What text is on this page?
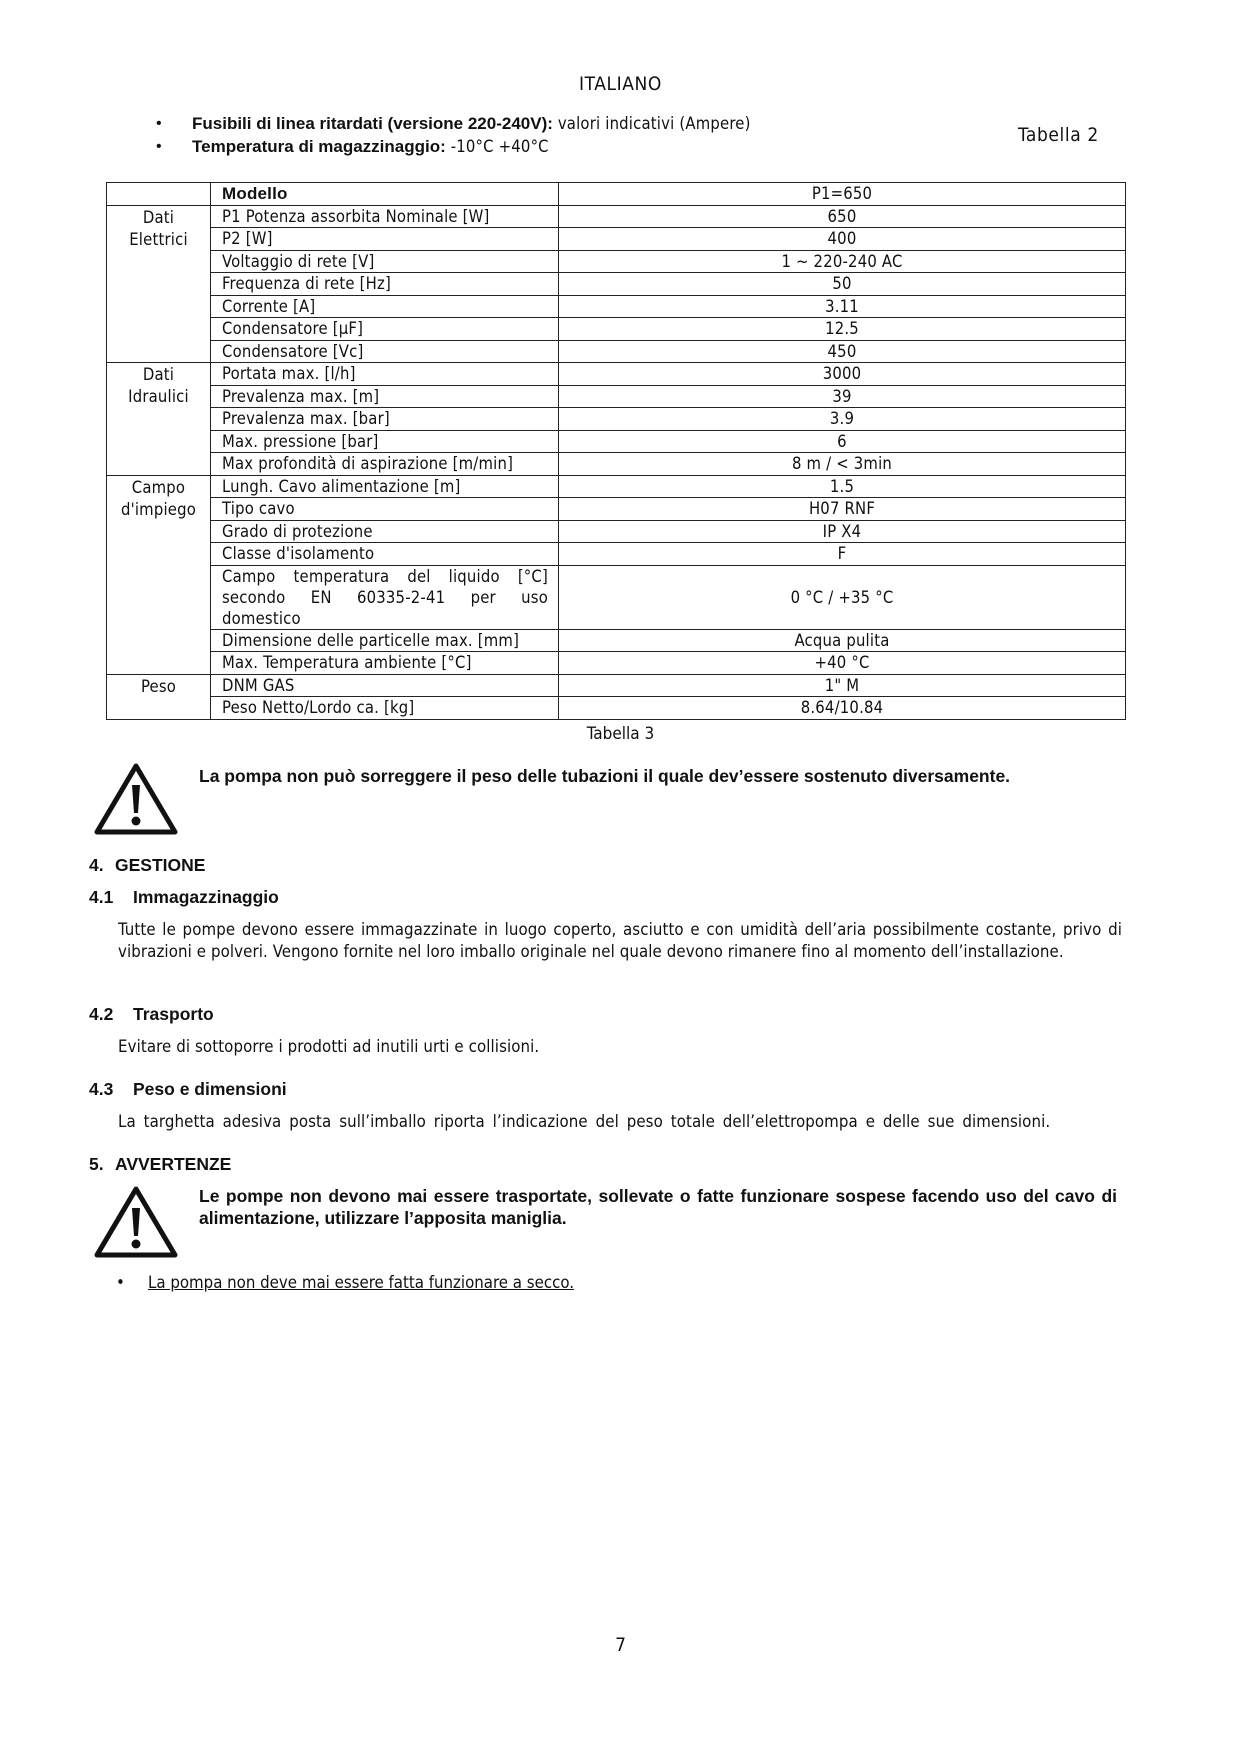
ITALIANO
• Fusibili di linea ritardati (versione 220-240V): valori indicativi (Ampere)
• Temperatura di magazzinaggio: -10°C +40°C
Tabella 2
	Modello	P1=650
Dati
Elettrici	P1 Potenza assorbita Nominale [W]	650
	P2 [W]	400
	Voltaggio di rete [V]	1 ~ 220-240 AC
	Frequenza di rete [Hz]	50
	Corrente [A]	3.11
	Condensatore [µF]	12.5
	Condensatore [Vc]	450
Dati
Idraulici	Portata max. [l/h]	3000
	Prevalenza max. [m]	39
	Prevalenza max. [bar]	3.9
	Max. pressione [bar]	6
	Max profondità di aspirazione [m/min]	8 m / < 3min
Campo
d'impiego	Lungh. Cavo alimentazione [m]	1.5
	Tipo cavo	H07 RNF
	Grado di protezione	IP X4
	Classe d'isolamento	F
	Campo temperatura del liquido [°C] secondo EN 60335-2-41 per uso domestico	0 °C / +35 °C
	Dimensione delle particelle max. [mm]	Acqua pulita
	Max. Temperatura ambiente [°C]	+40 °C
Peso	DNM GAS	1" M
	Peso Netto/Lordo ca. [kg]	8.64/10.84
Tabella 3
La pompa non può sorreggere il peso delle tubazioni il quale dev’essere sostenuto diversamente.
4. GESTIONE
4.1 Immagazzinaggio
Tutte le pompe devono essere immagazzinate in luogo coperto, asciutto e con umidità dell’aria possibilmente costante, privo di vibrazioni e polveri. Vengono fornite nel loro imballo originale nel quale devono rimanere fino al momento dell’installazione.
4.2 Trasporto
Evitare di sottoporre i prodotti ad inutili urti e collisioni.
4.3 Peso e dimensioni
La targhetta adesiva posta sull’imballo riporta l’indicazione del peso totale dell’elettropompa e delle sue dimensioni.
5. AVVERTENZE
Le pompe non devono mai essere trasportate, sollevate o fatte funzionare sospese facendo uso del cavo di alimentazione, utilizzare l’apposita maniglia.
• La pompa non deve mai essere fatta funzionare a secco.
7
